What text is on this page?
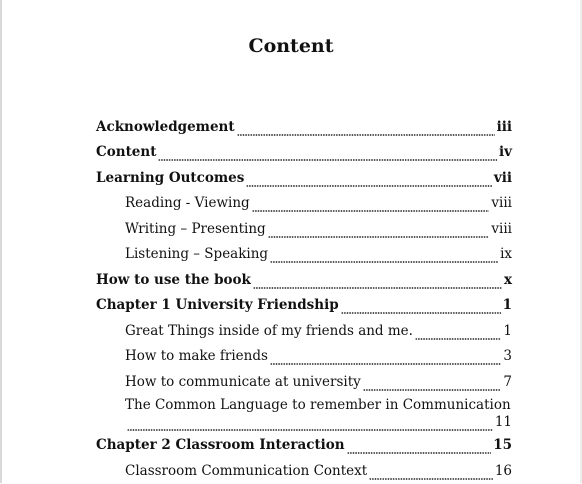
Content
Acknowledgement	iii
Content	iv
Learning Outcomes	vii
Reading - Viewing	viii
Writing – Presenting	viii
Listening – Speaking	ix
How to use the book	x
Chapter 1 University Friendship	1
Great Things inside of my friends and me.	1
How to make friends	3
How to communicate at university	7
The Common Language to remember in Communication
11
Chapter 2 Classroom Interaction	15
Classroom Communication Context	16
